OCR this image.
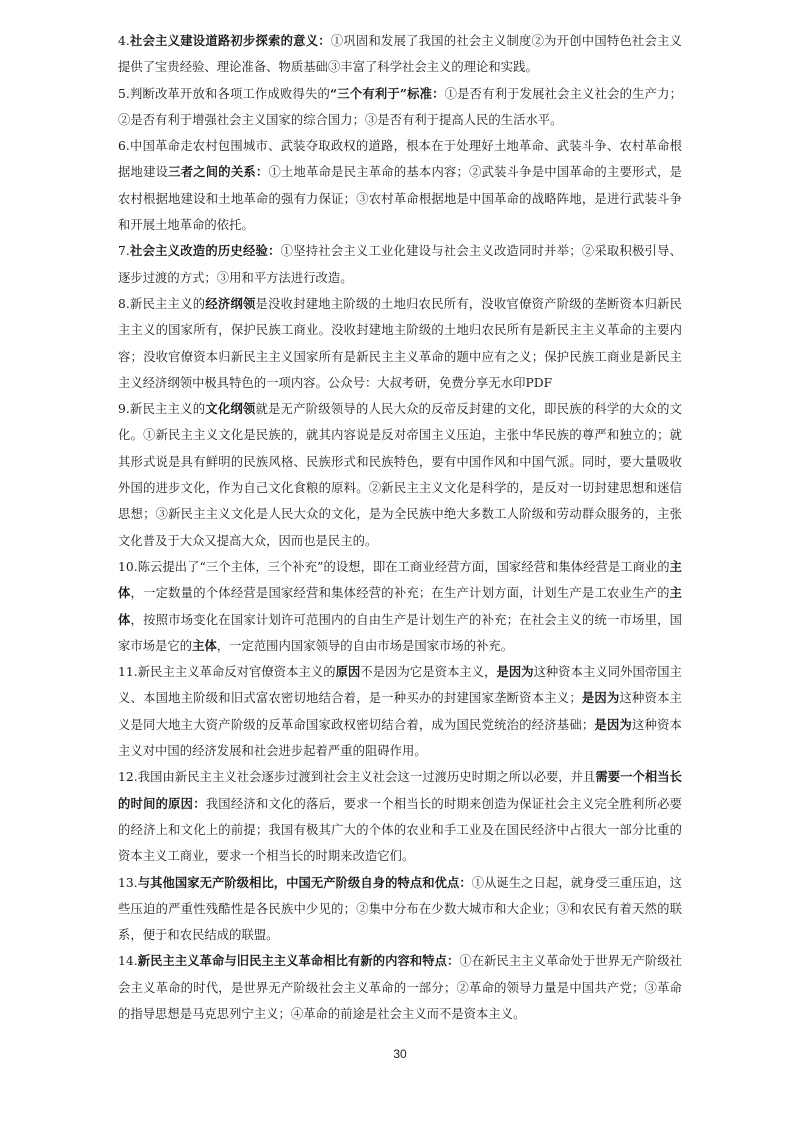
4.社会主义建设道路初步探索的意义：①巩固和发展了我国的社会主义制度②为开创中国特色社会主义提供了宝贵经验、理论准备、物质基础③丰富了科学社会主义的理论和实践。

5.判断改革开放和各项工作成败得失的“三个有利于”标准：①是否有利于发展社会主义社会的生产力；②是否有利于增强社会主义国家的综合国力；③是否有利于提高人民的生活水平。

6.中国革命走农村包围城市、武装夺取政权的道路，根本在于处理好土地革命、武装斗争、农村革命根据地建设三者之间的关系：①土地革命是民主革命的基本内容；②武装斗争是中国革命的主要形式，是农村根据地建设和土地革命的强有力保证；③农村革命根据地是中国革命的战略阵地，是进行武装斗争和开展土地革命的依托。

7.社会主义改造的历史经验：①坚持社会主义工业化建设与社会主义改造同时并举；②采取积极引导、逐步过渡的方式；③用和平方法进行改造。

8.新民主主义的经济纲领是没收封建地主阶级的土地归农民所有，没收官僚资产阶级的垄断资本归新民主主义的国家所有，保护民族工商业。没收封建地主阶级的土地归农民所有是新民主主义革命的主要内容；没收官僚资本归新民主主义国家所有是新民主主义革命的题中应有之义；保护民族工商业是新民主主义经济纲领中极具特色的一项内容。公众号：大叔考研，免费分享无水印PDF

9.新民主主义的文化纲领就是无产阶级领导的人民大众的反帝反封建的文化，即民族的科学的大众的文化。①新民主主义文化是民族的，就其内容说是反对帝国主义压迫，主张中华民族的尊严和独立的；就其形式说是具有鲜明的民族风格、民族形式和民族特色，要有中国作风和中国气派。同时，要大量吸收外国的进步文化，作为自己文化食粮的原料。②新民主主义文化是科学的，是反对一切封建思想和迷信思想；③新民主主义文化是人民大众的文化，是为全民族中绝大多数工人阶级和劳动群众服务的，主张文化普及于大众又提高大众，因而也是民主的。

10.陈云提出了“三个主体，三个补充”的设想，即在工商业经营方面，国家经营和集体经营是工商业的主体，一定数量的个体经营是国家经营和集体经营的补充；在生产计划方面，计划生产是工农业生产的主体，按照市场变化在国家计划许可范围内的自由生产是计划生产的补充；在社会主义的统一市场里，国家市场是它的主体，一定范围内国家领导的自由市场是国家市场的补充。

11.新民主主义革命反对官僚资本主义的原因不是因为它是资本主义，是因为这种资本主义同外国帝国主义、本国地主阶级和旧式富农密切地结合着，是一种买办的封建国家垄断资本主义；是因为这种资本主义是同大地主大资产阶级的反革命国家政权密切结合着，成为国民党统治的经济基础；是因为这种资本主义对中国的经济发展和社会进步起着严重的阻碍作用。

12.我国由新民主主义社会逐步过渡到社会主义社会这一过渡历史时期之所以必要，并且需要一个相当长的时间的原因：我国经济和文化的落后，要求一个相当长的时期来创造为保证社会主义完全胜利所必要的经济上和文化上的前提；我国有极其广大的个体的农业和手工业及在国民经济中占很大一部分比重的资本主义工商业，要求一个相当长的时期来改造它们。

13.与其他国家无产阶级相比，中国无产阶级自身的特点和优点：①从诞生之日起，就身受三重压迫，这些压迫的严重性残酷性是各民族中少见的；②集中分布在少数大城市和大企业；③和农民有着天然的联系，便于和农民结成的联盟。

14.新民主主义革命与旧民主主义革命相比有新的内容和特点：①在新民主主义革命处于世界无产阶级社会主义革命的时代，是世界无产阶级社会主义革命的一部分；②革命的领导力量是中国共产党；③革命的指导思想是马克思列宁主义；④革命的前途是社会主义而不是资本主义。

30
